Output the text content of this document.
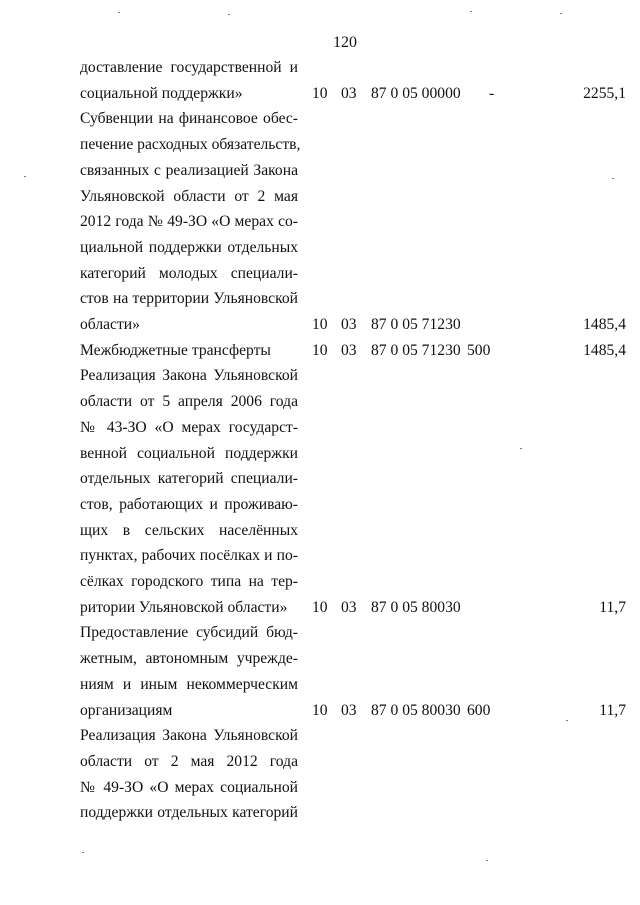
120
доставление государственной и
социальной поддержки»	10 03 87 0 05 00000 -	2255,1
Субвенции на финансовое обес-
печение расходных обязательств,
связанных с реализацией Закона
Ульяновской области от 2 мая
2012 года № 49-ЗО «О мерах со-
циальной поддержки отдельных
категорий молодых специали-
стов на территории Ульяновской
области»	10 03 87 0 05 71230	1485,4
Межбюджетные трансферты	10 03 87 0 05 71230 500	1485,4
Реализация Закона Ульяновской
области от 5 апреля 2006 года
№ 43-ЗО «О мерах государст-
венной социальной поддержки
отдельных категорий специали-
стов, работающих и проживаю-
щих в сельских населённых
пунктах, рабочих посёлках и по-
сёлках городского типа на тер-
ритории Ульяновской области»	10 03 87 0 05 80030	11,7
Предоставление субсидий бюд-
жетным, автономным учрежде-
ниям и иным некоммерческим
организациям	10 03 87 0 05 80030 600	11,7
Реализация Закона Ульяновской
области от 2 мая 2012 года
№ 49-ЗО «О мерах социальной
поддержки отдельных категорий
